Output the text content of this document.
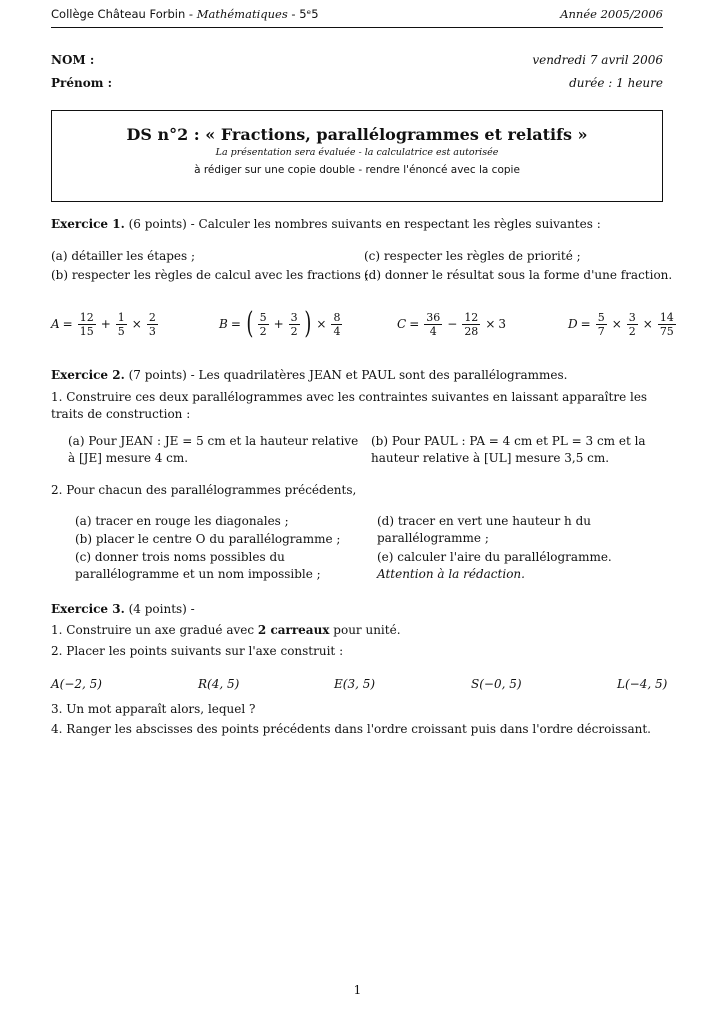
Collège Château Forbin - Mathématiques - 5ᵉ5	Année 2005/2006
NOM :	vendredi 7 avril 2006
Prénom :	durée : 1 heure
DS n°2 : « Fractions, parallélogrammes et relatifs »
La présentation sera évaluée - la calculatrice est autorisée
à rédiger sur une copie double - rendre l'énoncé avec la copie
Exercice 1. (6 points) - Calculer les nombres suivants en respectant les règles suivantes :
(a) détailler les étapes ;
(b) respecter les règles de calcul avec les fractions ;
(c) respecter les règles de priorité ;
(d) donner le résultat sous la forme d'une fraction.
$A = \frac{12}{15} + \frac{1}{5} \times \frac{2}{3}$	B = ( $\frac{5}{2} + \frac{3}{2}$ ) × $\frac{8}{4}$	$C = \frac{36}{4} - \frac{12}{28} \times 3$	$D = \frac{5}{7} \times \frac{3}{2} \times \frac{14}{75}$
Exercice 2. (7 points) - Les quadrilatères JEAN et PAUL sont des parallélogrammes.
1. Construire ces deux parallélogrammes avec les contraintes suivantes en laissant apparaître les traits de construction :
(a) Pour JEAN : JE = 5 cm et la hauteur relative à [JE] mesure 4 cm.
(b) Pour PAUL : PA = 4 cm et PL = 3 cm et la hauteur relative à [UL] mesure 3,5 cm.
2. Pour chacun des parallélogrammes précédents,
(a) tracer en rouge les diagonales ;
(b) placer le centre O du parallélogramme ;
(c) donner trois noms possibles du parallélogramme et un nom impossible ;
(d) tracer en vert une hauteur h du parallélogramme ;
(e) calculer l'aire du parallélogramme. Attention à la rédaction.
Exercice 3. (4 points) -
1. Construire un axe gradué avec 2 carreaux pour unité.
2. Placer les points suivants sur l'axe construit :
A(−2, 5)	R(4, 5)	E(3, 5)	S(−0, 5)	L(−4, 5)
3. Un mot apparaît alors, lequel ?
4. Ranger les abscisses des points précédents dans l'ordre croissant puis dans l'ordre décroissant.
1
